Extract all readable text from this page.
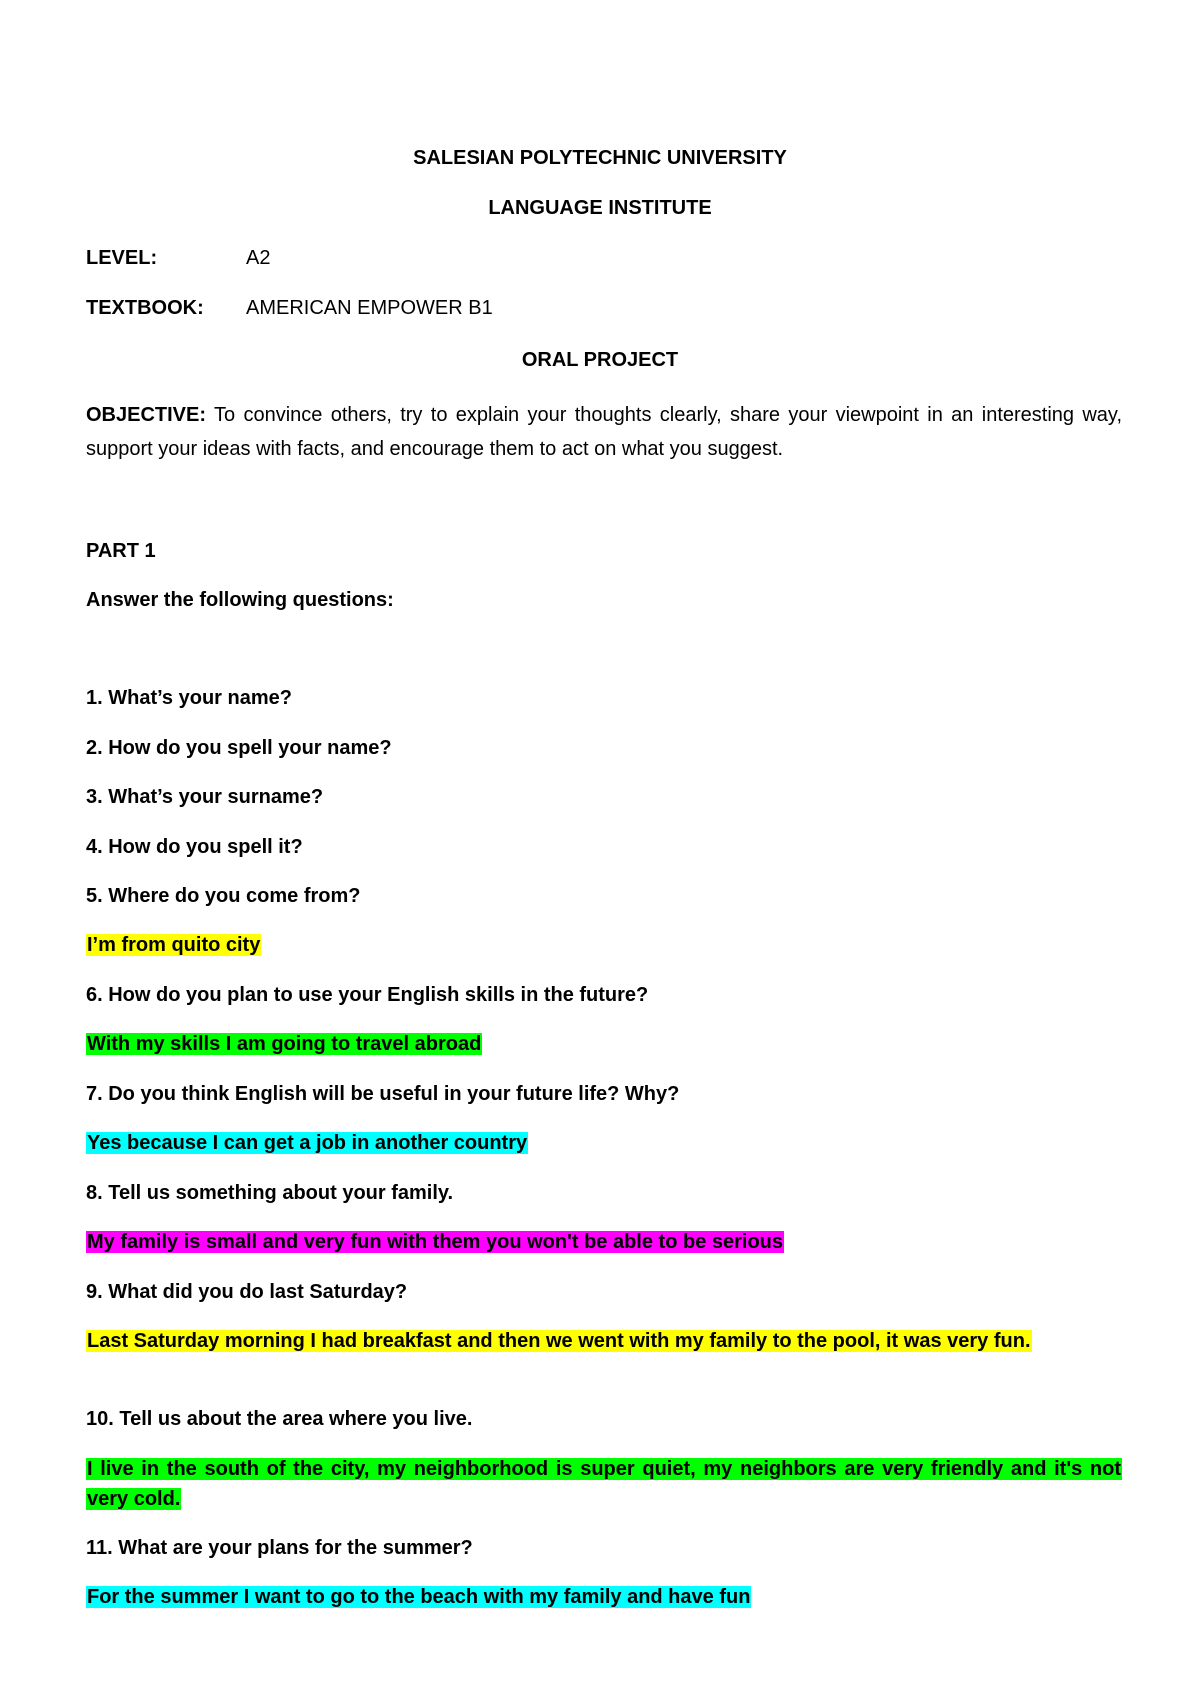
SALESIAN POLYTECHNIC UNIVERSITY

LANGUAGE INSTITUTE

LEVEL:	A2

TEXTBOOK: AMERICAN EMPOWER B1

ORAL PROJECT

OBJECTIVE: To convince others, try to explain your thoughts clearly, share your viewpoint in an interesting way, support your ideas with facts, and encourage them to act on what you suggest.

PART 1

Answer the following questions:

1. What’s your name?

2. How do you spell your name?

3. What’s your surname?

4. How do you spell it?

5. Where do you come from?

I’m from quito city

6. How do you plan to use your English skills in the future?

With my skills I am going to travel abroad

7. Do you think English will be useful in your future life? Why?

Yes because I can get a job in another country

8. Tell us something about your family.

My family is small and very fun with them you won't be able to be serious

9. What did you do last Saturday?

Last Saturday morning I had breakfast and then we went with my family to the pool, it was very fun.

10. Tell us about the area where you live.

I live in the south of the city, my neighborhood is super quiet, my neighbors are very friendly and it's not very cold.

11. What are your plans for the summer?

For the summer I want to go to the beach with my family and have fun
